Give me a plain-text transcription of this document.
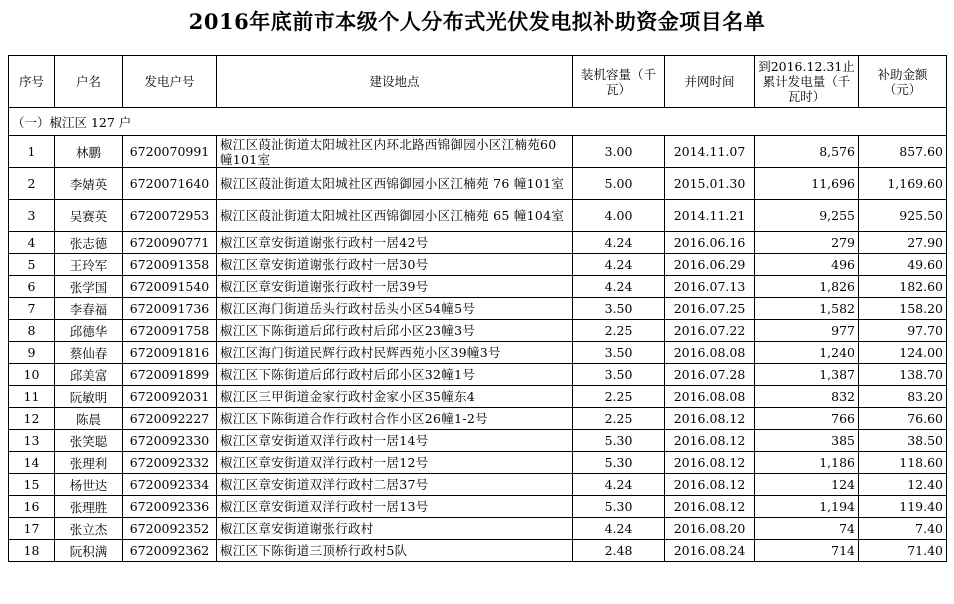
2016年底前市本级个人分布式光伏发电拟补助资金项目名单
序号	户名	发电户号	建设地点	装机容量（千瓦）	并网时间	到2016.12.31止累计发电量（千瓦时）	补助金额（元）
（一）椒江区 127 户							
1	林鹏	6720070991	椒江区葭沚街道太阳城社区内环北路西锦御园小区江楠苑60幢101室	3.00	2014.11.07	8,576	857.60
2	李婧英	6720071640	椒江区葭沚街道太阳城社区西锦御园小区江楠苑 76 幢101室	5.00	2015.01.30	11,696	1,169.60
3	吴赛英	6720072953	椒江区葭沚街道太阳城社区西锦御园小区江楠苑 65 幢104室	4.00	2014.11.21	9,255	925.50
4	张志德	6720090771	椒江区章安街道谢张行政村一居42号	4.24	2016.06.16	279	27.90
5	王玲军	6720091358	椒江区章安街道谢张行政村一居30号	4.24	2016.06.29	496	49.60
6	张学国	6720091540	椒江区章安街道谢张行政村一居39号	4.24	2016.07.13	1,826	182.60
7	李春福	6720091736	椒江区海门街道岳头行政村岳头小区54幢5号	3.50	2016.07.25	1,582	158.20
8	邱德华	6720091758	椒江区下陈街道后邱行政村后邱小区23幢3号	2.25	2016.07.22	977	97.70
9	蔡仙春	6720091816	椒江区海门街道民辉行政村民辉西苑小区39幢3号	3.50	2016.08.08	1,240	124.00
10	邱美富	6720091899	椒江区下陈街道后邱行政村后邱小区32幢1号	3.50	2016.07.28	1,387	138.70
11	阮敏明	6720092031	椒江区三甲街道金家行政村金家小区35幢东4	2.25	2016.08.08	832	83.20
12	陈晨	6720092227	椒江区下陈街道合作行政村合作小区26幢1-2号	2.25	2016.08.12	766	76.60
13	张笑聪	6720092330	椒江区章安街道双洋行政村一居14号	5.30	2016.08.12	385	38.50
14	张理利	6720092332	椒江区章安街道双洋行政村一居12号	5.30	2016.08.12	1,186	118.60
15	杨世达	6720092334	椒江区章安街道双洋行政村二居37号	4.24	2016.08.12	124	12.40
16	张理胜	6720092336	椒江区章安街道双洋行政村一居13号	5.30	2016.08.12	1,194	119.40
17	张立杰	6720092352	椒江区章安街道谢张行政村	4.24	2016.08.20	74	7.40
18	阮积满	6720092362	椒江区下陈街道三顶桥行政村5队	2.48	2016.08.24	714	71.40
